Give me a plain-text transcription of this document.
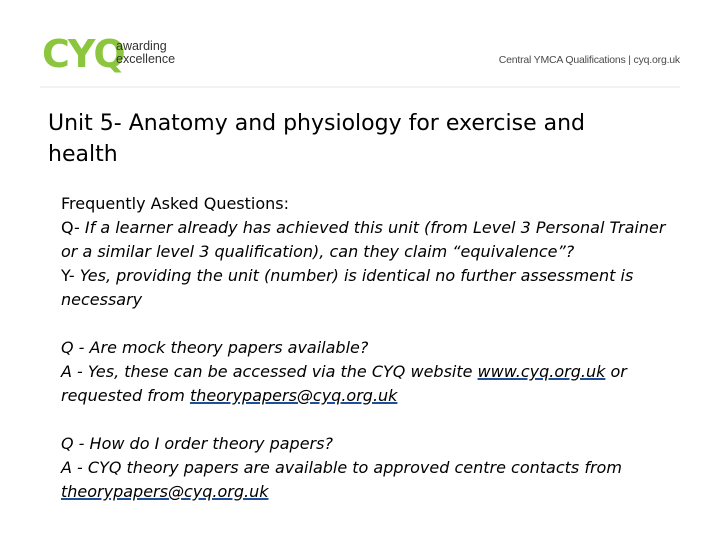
CYQ
awarding
excellence	Central YMCA Qualifications | cyq.org.uk
Unit 5- Anatomy and physiology for exercise and health

Frequently Asked Questions:

Q- If a learner already has achieved this unit (from Level 3 Personal Trainer or a similar level 3 qualification), can they claim “equivalence”?

Y- Yes, providing the unit (number) is identical no further assessment is necessary

Q - Are mock theory papers available?

A - Yes, these can be accessed via the CYQ website www.cyq.org.uk or requested from theorypapers@cyq.org.uk

Q - How do I order theory papers?

A - CYQ theory papers are available to approved centre contacts from theorypapers@cyq.org.uk
